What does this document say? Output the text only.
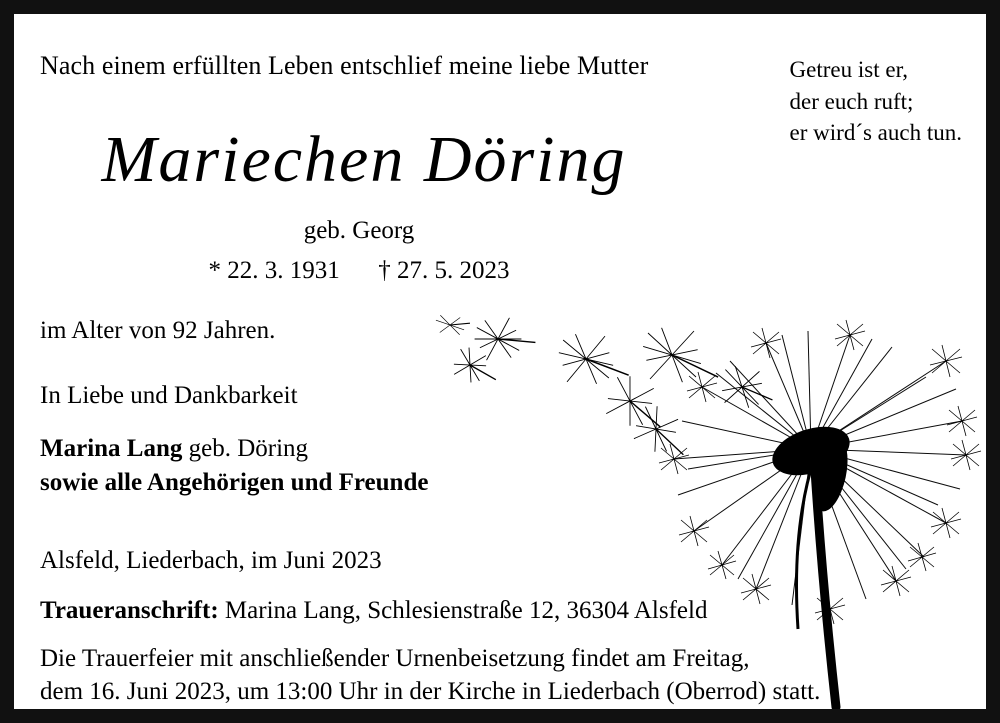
Nach einem erfüllten Leben entschlief meine liebe Mutter	Getreu ist er,
der euch ruft;
er wird´s auch tun.
Mariechen Döring
geb. Georg
* 22. 3. 1931 † 27. 5. 2023
im Alter von 92 Jahren.
In Liebe und Dankbarkeit
Marina Lang geb. Döring
sowie alle Angehörigen und Freunde
Alsfeld, Liederbach, im Juni 2023
Traueranschrift: Marina Lang, Schlesienstraße 12, 36304 Alsfeld
Die Trauerfeier mit anschließender Urnenbeisetzung findet am Freitag,
dem 16. Juni 2023, um 13:00 Uhr in der Kirche in Liederbach (Oberrod) statt.
